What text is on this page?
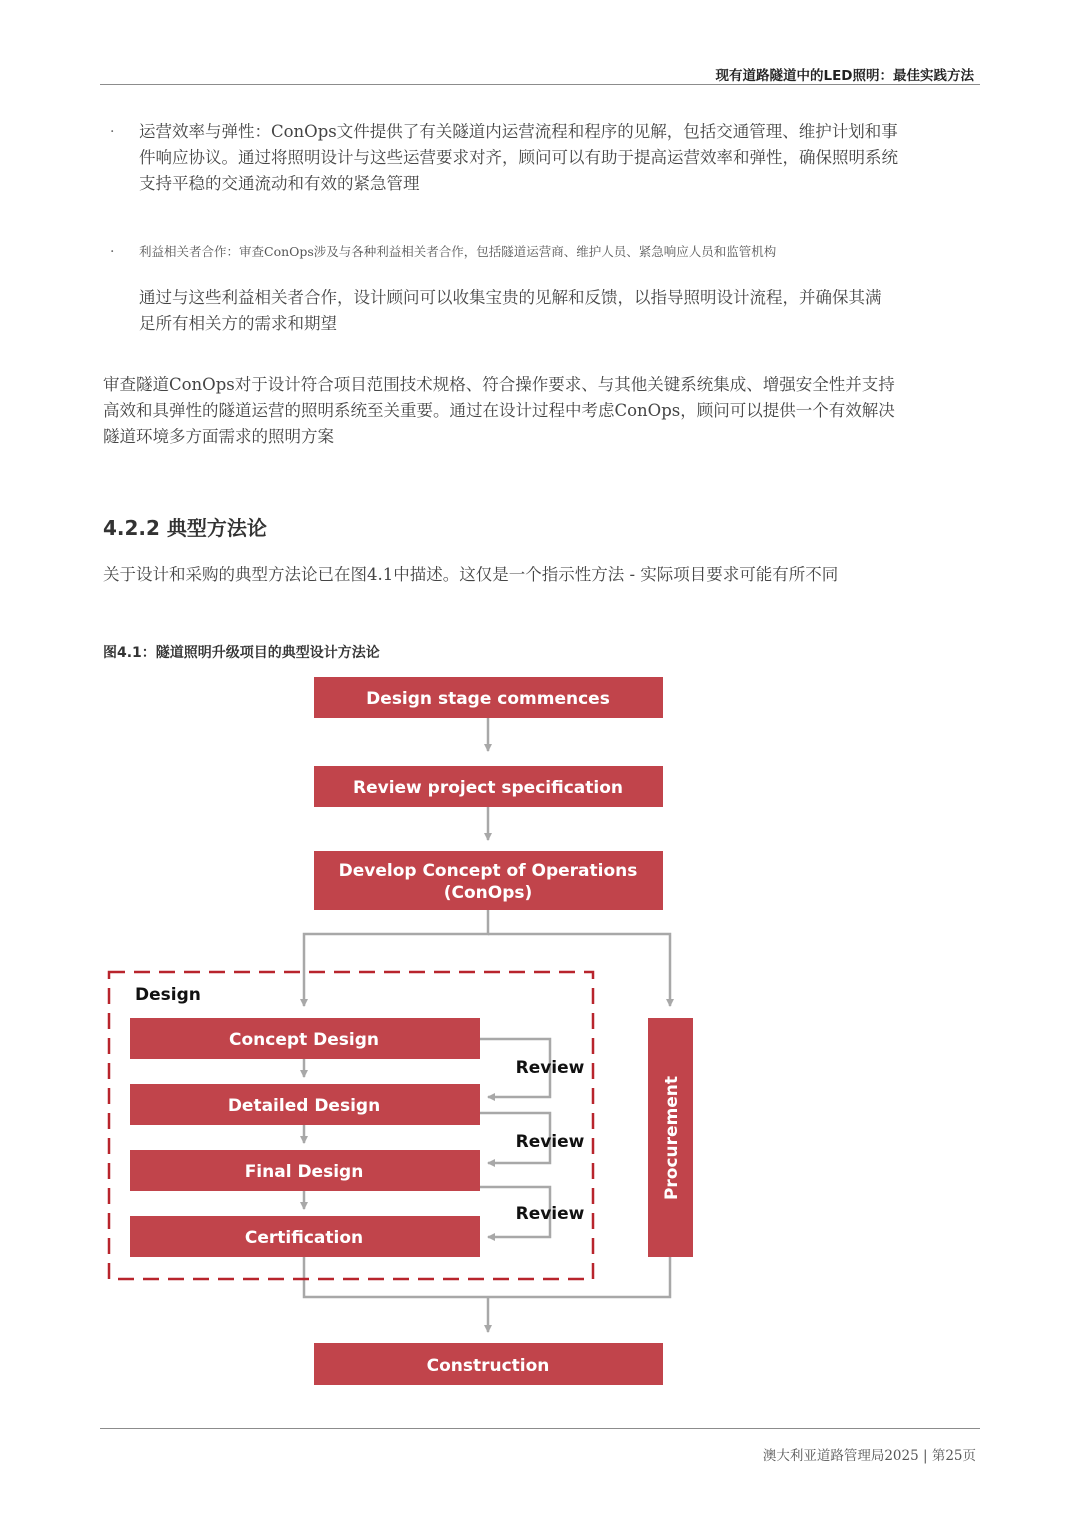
现有道路隧道中的LED照明：最佳实践方法
· 运营效率与弹性：ConOps文件提供了有关隧道内运营流程和程序的见解，包括交通管理、维护计划和事
件响应协议。通过将照明设计与这些运营要求对齐，顾问可以有助于提高运营效率和弹性，确保照明系统
支持平稳的交通流动和有效的紧急管理
· 利益相关者合作：审查ConOps涉及与各种利益相关者合作，包括隧道运营商、维护人员、紧急响应人员和监管机构
通过与这些利益相关者合作，设计顾问可以收集宝贵的见解和反馈，以指导照明设计流程，并确保其满
足所有相关方的需求和期望
审查隧道ConOps对于设计符合项目范围技术规格、符合操作要求、与其他关键系统集成、增强安全性并支持
高效和具弹性的隧道运营的照明系统至关重要。通过在设计过程中考虑ConOps，顾问可以提供一个有效解决
隧道环境多方面需求的照明方案
4.2.2 典型方法论
关于设计和采购的典型方法论已在图4.1中描述。这仅是一个指示性方法 - 实际项目要求可能有所不同
图4.1：隧道照明升级项目的典型设计方法论
Design
Design stage commences
Review project specification
Develop Concept of Operations
(ConOps)
Concept Design
Detailed Design
Final Design
Certification
Review
Review
Review
Procurement
Construction
澳大利亚道路管理局2025 | 第25页
